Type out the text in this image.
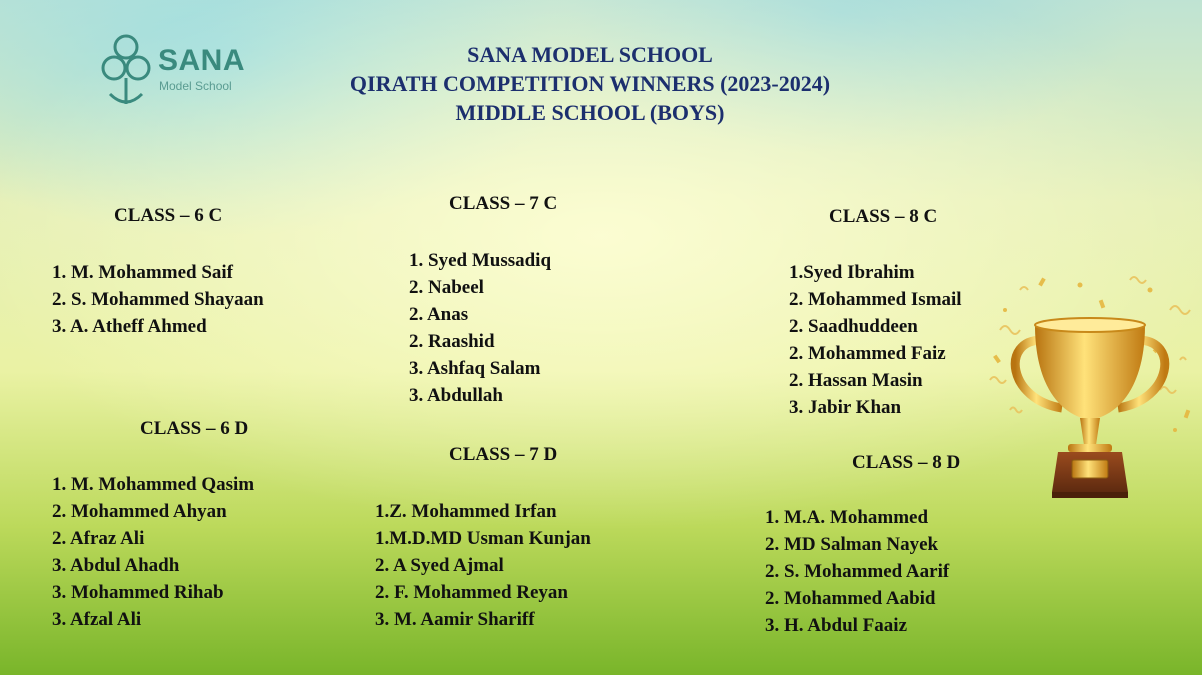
SANA
Model School
SANA MODEL SCHOOL
QIRATH COMPETITION WINNERS (2023-2024)
MIDDLE SCHOOL (BOYS)
CLASS – 6 C
1. M. Mohammed Saif
2. S. Mohammed Shayaan
3. A. Atheff Ahmed
CLASS – 6 D
1. M. Mohammed Qasim
2. Mohammed Ahyan
2. Afraz Ali
3. Abdul Ahadh
3. Mohammed Rihab
3. Afzal Ali
CLASS – 7 C
1. Syed Mussadiq
2. Nabeel
2. Anas
2. Raashid
3. Ashfaq Salam
3. Abdullah
CLASS – 7 D
1.Z. Mohammed Irfan
1.M.D.MD Usman Kunjan
2. A Syed Ajmal
2. F. Mohammed Reyan
3. M. Aamir Shariff
CLASS – 8 C
1.Syed Ibrahim
2. Mohammed Ismail
2. Saadhuddeen
2. Mohammed Faiz
2. Hassan Masin
3. Jabir Khan
CLASS – 8 D
1. M.A. Mohammed
2. MD Salman Nayek
2. S. Mohammed Aarif
2. Mohammed Aabid
3. H. Abdul Faaiz
